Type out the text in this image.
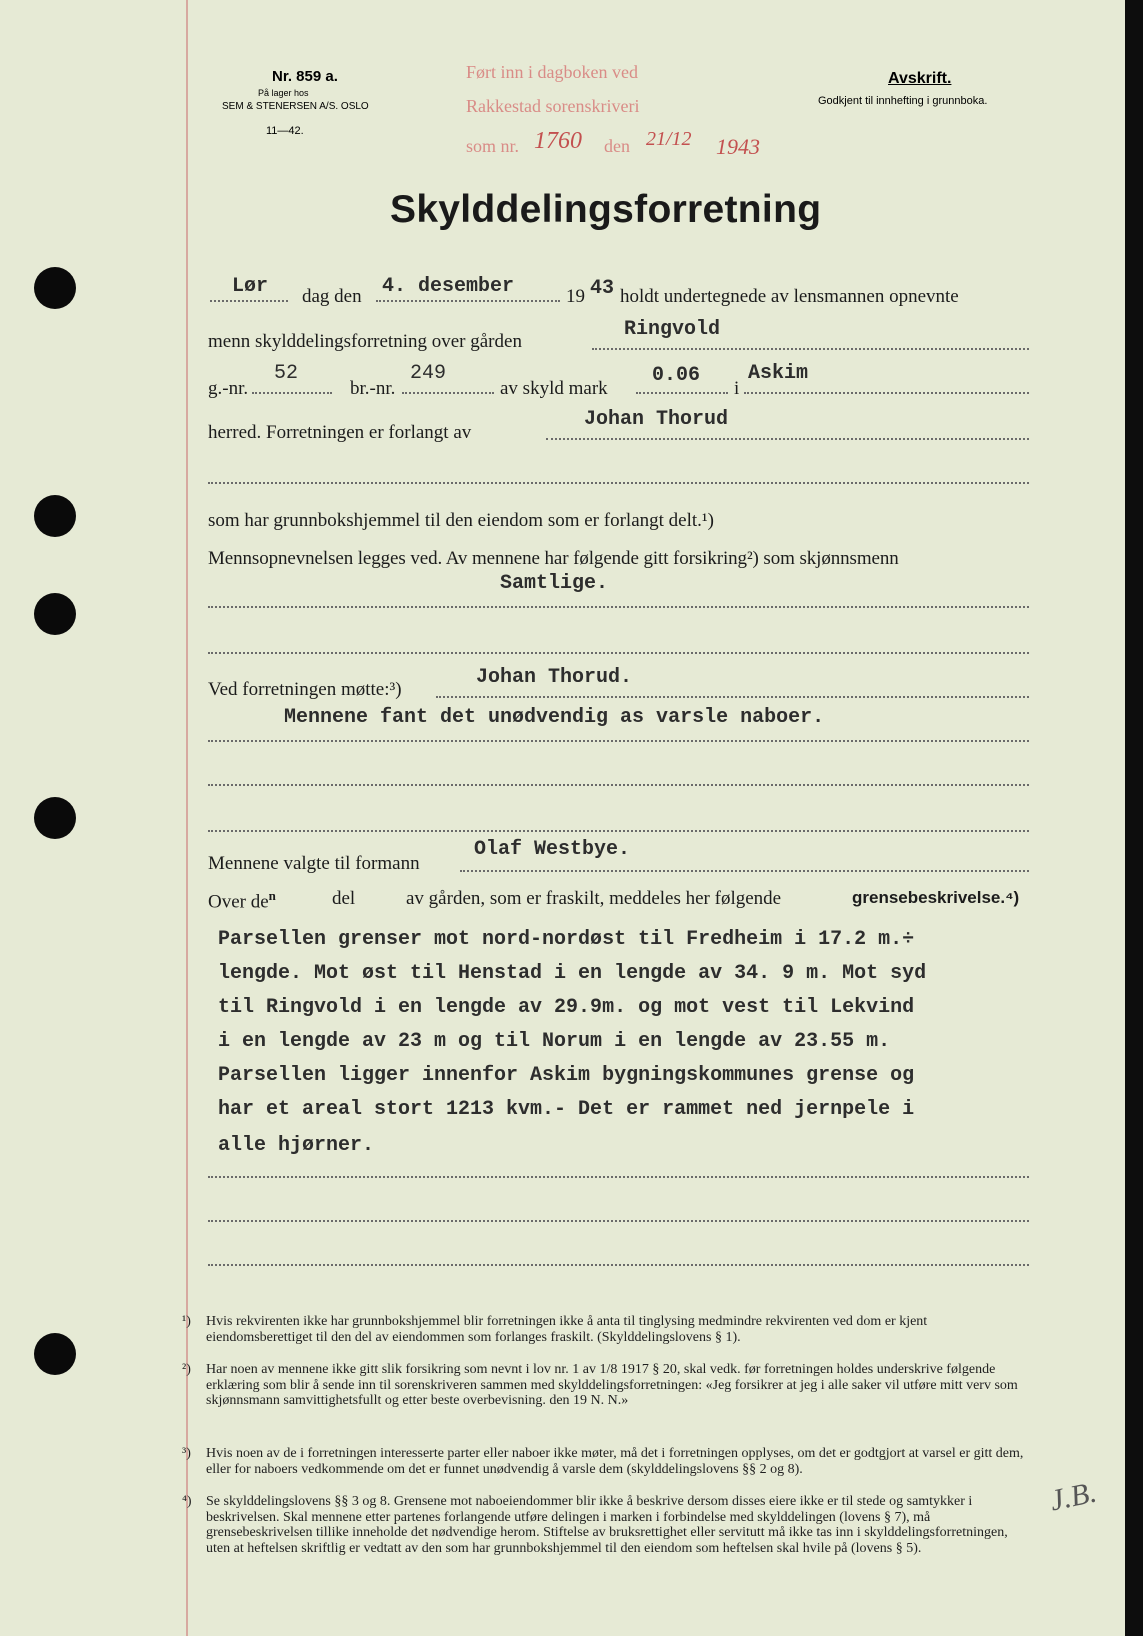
Nr. 859 a.
På lager hos
SEM & STENERSEN A/S. OSLO
11—42.
Ført inn i dagboken ved
Rakkestad sorenskriveri
som nr. 1760 den 21/12 1943
Avskrift.
Godkjent til innhefting i grunnboka.
Skylddelingsforretning
Lør dag den 4. desember	19 43 holdt undertegnede av lensmannen opnevnte
menn skylddelingsforretning over gården
Ringvold
g.-nr.
52
br.-nr.
249
av skyld mark
0.06
i
Askim
herred. Forretningen er forlangt av
Johan Thorud
som har grunnbokshjemmel til den eiendom som er forlangt delt.¹)
Mennsopnevnelsen legges ved. Av mennene har følgende gitt forsikring²) som skjønnsmenn
Samtlige.
Ved forretningen møtte:³)
Johan Thorud.
Mennene fant det unødvendig as varsle naboer.
Mennene valgte til formann
Olaf Westbye.
Over $de^n$	del	av gården, som er fraskilt, meddeles her følgende	grensebeskrivelse.⁴)
Parsellen grenser mot nord-nordøst til Fredheim i 17.2 m.÷
lengde. Mot øst til Henstad i en lengde av 34. 9 m. Mot syd
til Ringvold i en lengde av 29.9m. og mot vest til Lekvind
i en lengde av 23 m og til Norum i en lengde av 23.55 m.
Parsellen ligger innenfor Askim bygningskommunes grense og
har et areal stort 1213 kvm.- Det er rammet ned jernpele i
alle hjørner.
¹) Hvis rekvirenten ikke har grunnbokshjemmel blir forretningen ikke å anta til tinglysing medmindre rekvirenten ved dom er kjent eiendomsberettiget til den del av eiendommen som forlanges fraskilt. (Skylddelingslovens § 1).
²) Har noen av mennene ikke gitt slik forsikring som nevnt i lov nr. 1 av 1/8 1917 § 20, skal vedk. før forretningen holdes underskrive følgende erklæring som blir å sende inn til sorenskriveren sammen med skylddelingsforretningen: «Jeg forsikrer at jeg i alle saker vil utføre mitt verv som skjønnsmann samvittighetsfullt og etter beste overbevisning. den 19 N. N.»
³) Hvis noen av de i forretningen interesserte parter eller naboer ikke møter, må det i forretningen opplyses, om det er godtgjort at varsel er gitt dem, eller for naboers vedkommende om det er funnet unødvendig å varsle dem (skylddelingslovens §§ 2 og 8).
⁴) Se skylddelingslovens §§ 3 og 8. Grensene mot naboeiendommer blir ikke å beskrive dersom disses eiere ikke er til stede og samtykker i beskrivelsen. Skal mennene etter partenes forlangende utføre delingen i marken i forbindelse med skylddelingen (lovens § 7), må grensebeskrivelsen tillike inneholde det nødvendige herom. Stiftelse av bruksrettighet eller servitutt må ikke tas inn i skylddelingsforretningen, uten at heftelsen skriftlig er vedtatt av den som har grunnbokshjemmel til den eiendom som heftelsen skal hvile på (lovens § 5).
J.B.
